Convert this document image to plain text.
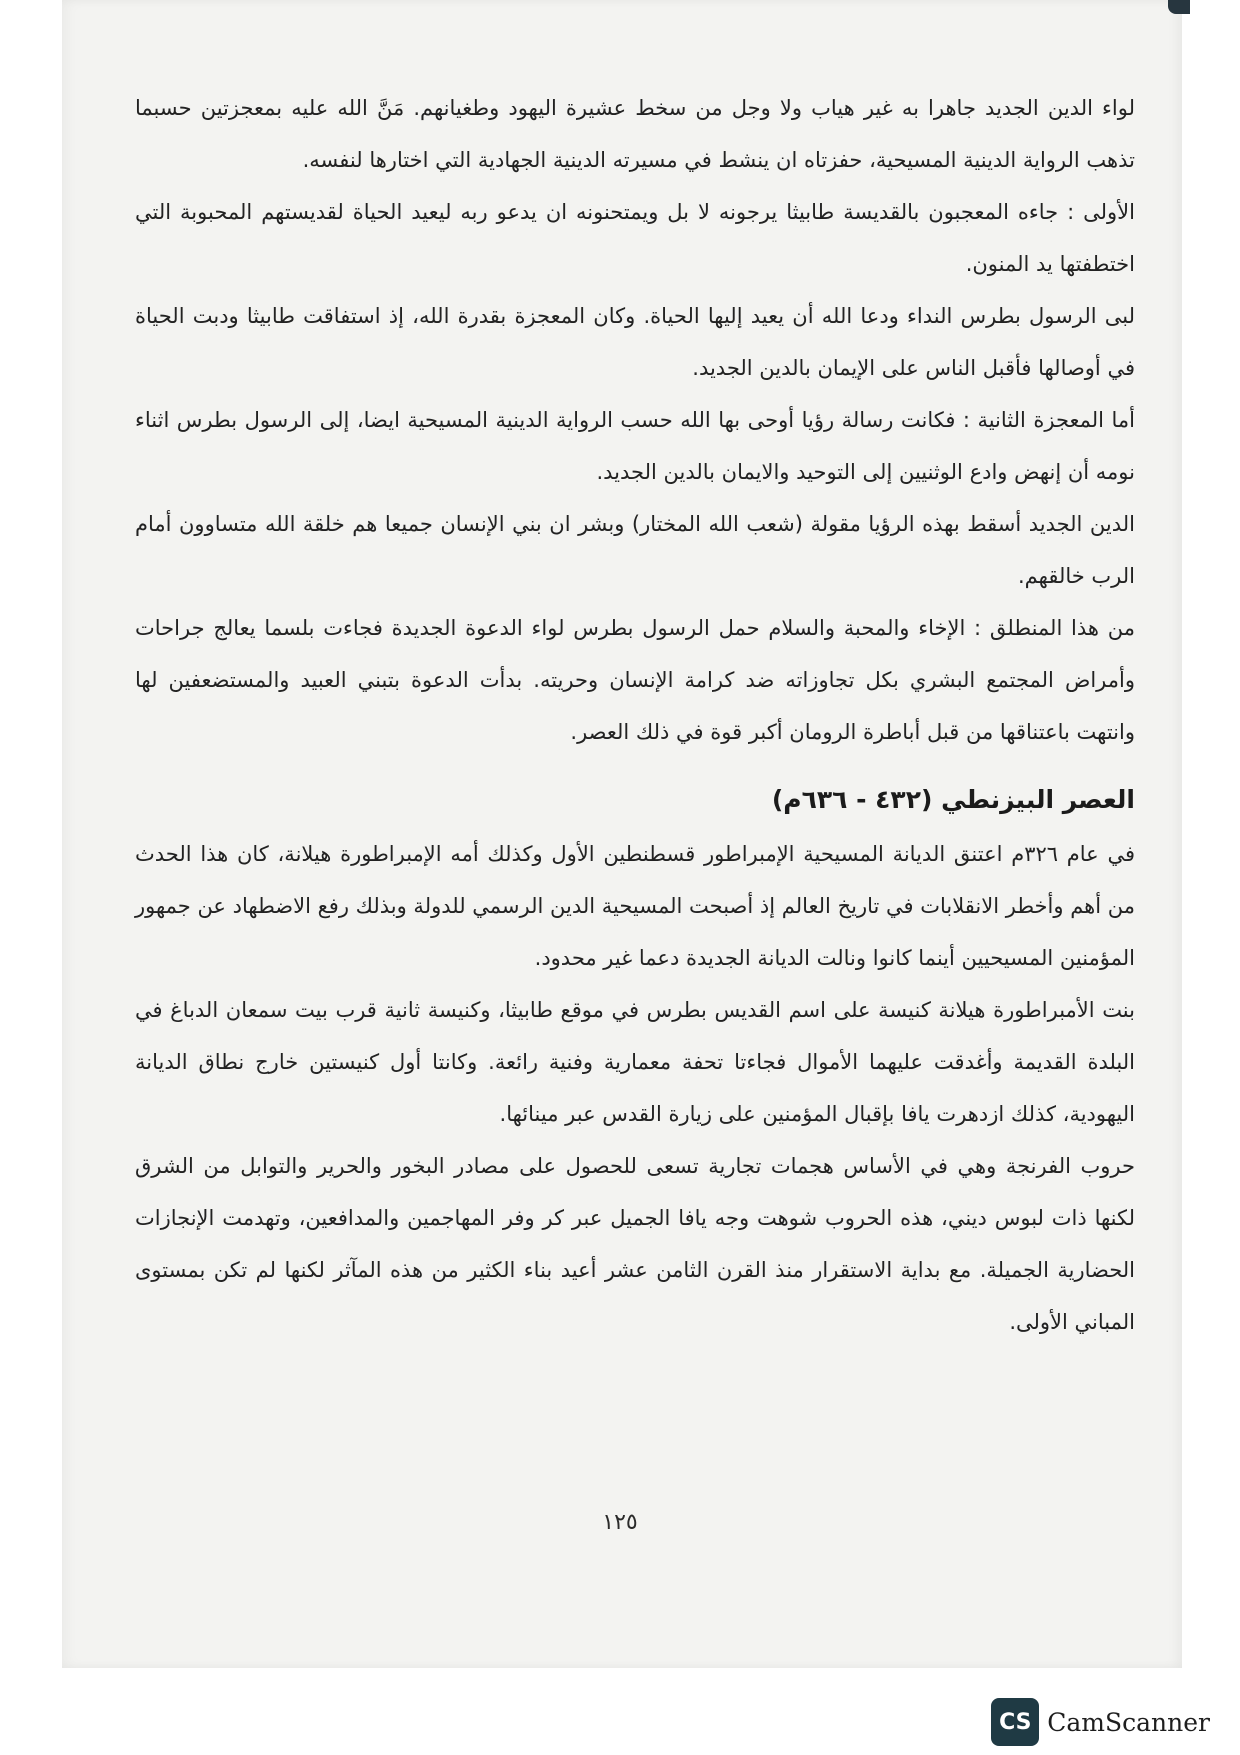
لواء الدين الجديد جاهرا به غير هياب ولا وجل من سخط عشيرة اليهود وطغيانهم. مَنَّ الله عليه بمعجزتين حسبما تذهب الرواية الدينية المسيحية، حفزتاه ان ينشط في مسيرته الدينية الجهادية التي اختارها لنفسه.

الأولى : جاءه المعجبون بالقديسة طابيثا يرجونه لا بل ويمتحنونه ان يدعو ربه ليعيد الحياة لقديستهم المحبوبة التي اختطفتها يد المنون.

لبى الرسول بطرس النداء ودعا الله أن يعيد إليها الحياة. وكان المعجزة بقدرة الله، إذ استفاقت طابيثا ودبت الحياة في أوصالها فأقبل الناس على الإيمان بالدين الجديد.

أما المعجزة الثانية : فكانت رسالة رؤيا أوحى بها الله حسب الرواية الدينية المسيحية ايضا، إلى الرسول بطرس اثناء نومه أن إنهض وادع الوثنيين إلى التوحيد والايمان بالدين الجديد.

الدين الجديد أسقط بهذه الرؤيا مقولة (شعب الله المختار) وبشر ان بني الإنسان جميعا هم خلقة الله متساوون أمام الرب خالقهم.

من هذا المنطلق : الإخاء والمحبة والسلام حمل الرسول بطرس لواء الدعوة الجديدة فجاءت بلسما يعالج جراحات وأمراض المجتمع البشري بكل تجاوزاته ضد كرامة الإنسان وحريته. بدأت الدعوة بتبني العبيد والمستضعفين لها وانتهت باعتناقها من قبل أباطرة الرومان أكبر قوة في ذلك العصر.

العصر البيزنطي (٤٣٢ - ٦٣٦م)

في عام ٣٢٦م اعتنق الديانة المسيحية الإمبراطور قسطنطين الأول وكذلك أمه الإمبراطورة هيلانة، كان هذا الحدث من أهم وأخطر الانقلابات في تاريخ العالم إذ أصبحت المسيحية الدين الرسمي للدولة وبذلك رفع الاضطهاد عن جمهور المؤمنين المسيحيين أينما كانوا ونالت الديانة الجديدة دعما غير محدود.

بنت الأمبراطورة هيلانة كنيسة على اسم القديس بطرس في موقع طابيثا، وكنيسة ثانية قرب بيت سمعان الدباغ في البلدة القديمة وأغدقت عليهما الأموال فجاءتا تحفة معمارية وفنية رائعة. وكانتا أول كنيستين خارج نطاق الديانة اليهودية، كذلك ازدهرت يافا بإقبال المؤمنين على زيارة القدس عبر مينائها.

حروب الفرنجة وهي في الأساس هجمات تجارية تسعى للحصول على مصادر البخور والحرير والتوابل من الشرق لكنها ذات لبوس ديني، هذه الحروب شوهت وجه يافا الجميل عبر كر وفر المهاجمين والمدافعين، وتهدمت الإنجازات الحضارية الجميلة. مع بداية الاستقرار منذ القرن الثامن عشر أعيد بناء الكثير من هذه المآثر لكنها لم تكن بمستوى المباني الأولى.

١٢٥
CS CamScanner
